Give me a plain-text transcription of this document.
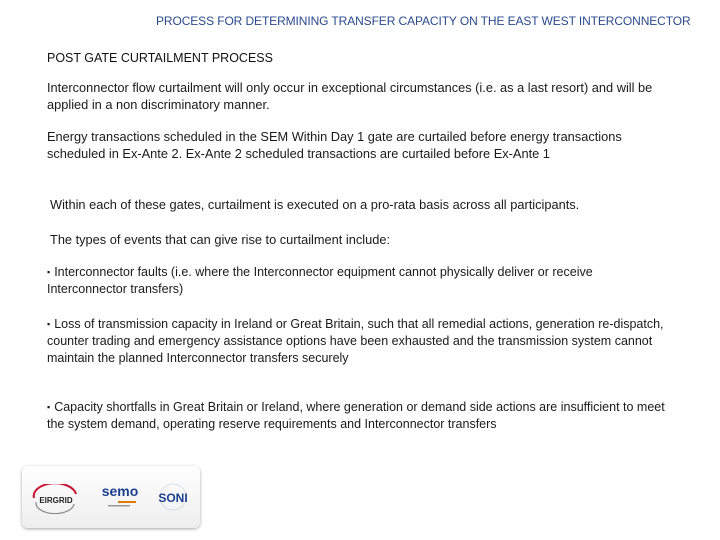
PROCESS FOR DETERMINING TRANSFER CAPACITY ON THE EAST WEST INTERCONNECTOR
POST GATE CURTAILMENT PROCESS
Interconnector flow curtailment will only occur in exceptional circumstances (i.e. as a last resort) and will be applied in a non discriminatory manner.
Energy transactions scheduled in the SEM Within Day 1 gate are curtailed before energy transactions scheduled in Ex-Ante 2. Ex-Ante 2 scheduled transactions are curtailed before Ex-Ante 1
Within each of these gates, curtailment is executed on a pro-rata basis across all participants.
The types of events that can give rise to curtailment include:
▪ Interconnector faults (i.e. where the Interconnector equipment cannot physically deliver or receive Interconnector transfers)
▪ Loss of transmission capacity in Ireland or Great Britain, such that all remedial actions, generation re-dispatch, counter trading and emergency assistance options have been exhausted and the transmission system cannot maintain the planned Interconnector transfers securely
▪ Capacity shortfalls in Great Britain or Ireland, where generation or demand side actions are insufficient to meet the system demand, operating reserve requirements and Interconnector transfers
EIRGRID
semo SONI
